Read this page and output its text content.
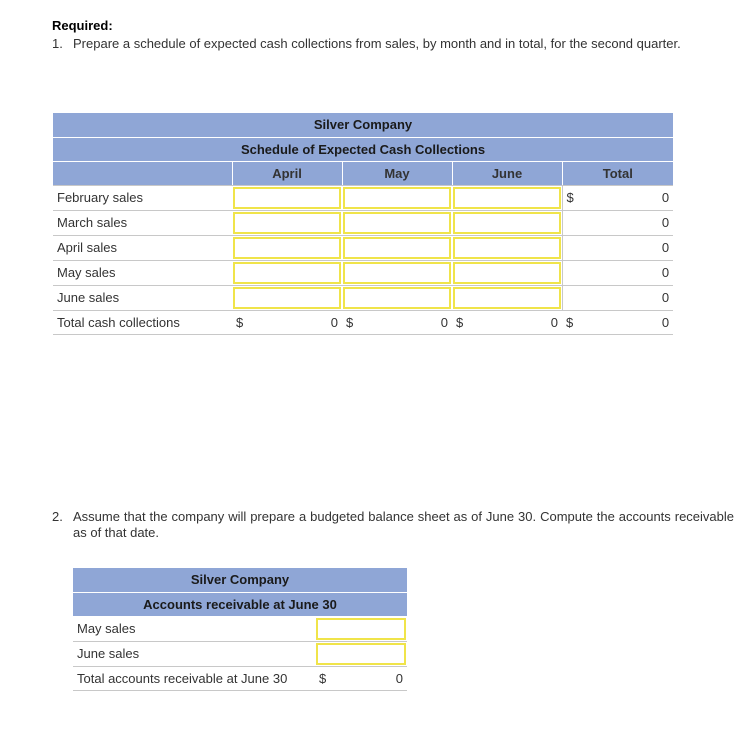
Required:
1. Prepare a schedule of expected cash collections from sales, by month and in total, for the second quarter.
Silver Company				
Schedule of Expected Cash Collections				
	April	May	June	Total
February sales				$ 0

March sales				0
April sales				0
May sales				0
June sales				0
Total cash collections	$ 0	$ 0	$ 0	$ 0
2. Assume that the company will prepare a budgeted balance sheet as of June 30. Compute the accounts receivable as of that date.
Silver Company	
Accounts receivable at June 30	
May sales	
June sales	
Total accounts receivable at June 30	$ 0
